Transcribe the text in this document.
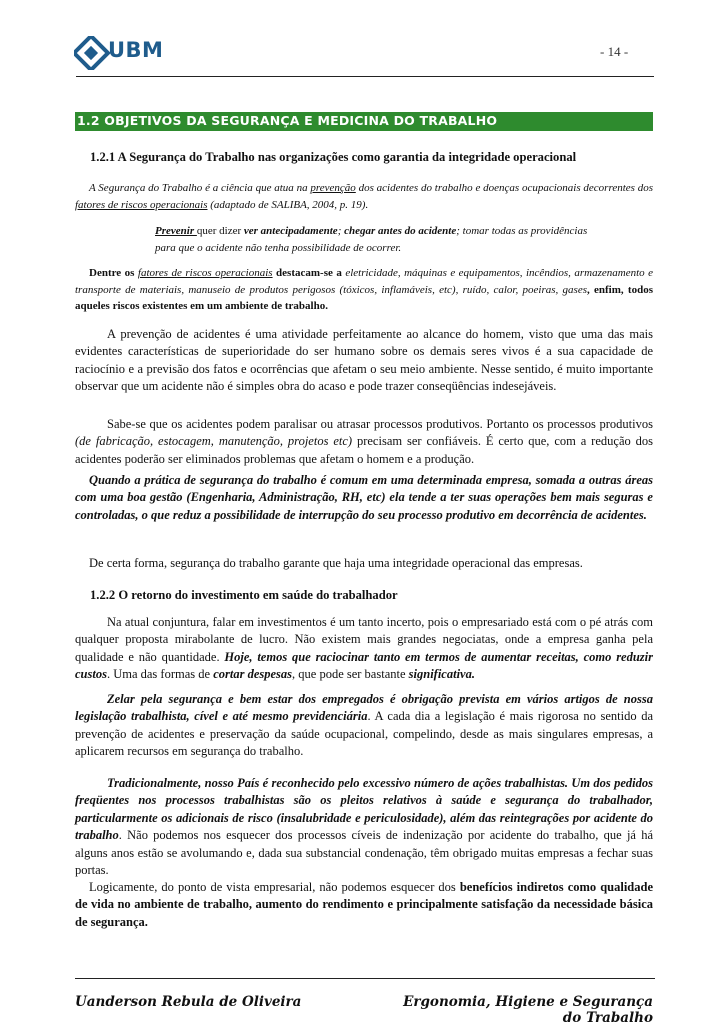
UBM	- 14 -
1.2 OBJETIVOS DA SEGURANÇA E MEDICINA DO TRABALHO
1.2.1 A Segurança do Trabalho nas organizações como garantia da integridade operacional
A Segurança do Trabalho é a ciência que atua na prevenção dos acidentes do trabalho e doenças ocupacionais decorrentes dos fatores de riscos operacionais (adaptado de SALIBA, 2004, p. 19).
Prevenir quer dizer ver antecipadamente; chegar antes do acidente; tomar todas as providências
para que o acidente não tenha possibilidade de ocorrer.
Dentre os fatores de riscos operacionais destacam-se a eletricidade, máquinas e equipamentos, incêndios, armazenamento e transporte de materiais, manuseio de produtos perigosos (tóxicos, inflamáveis, etc), ruído, calor, poeiras, gases, enfim, todos aqueles riscos existentes em um ambiente de trabalho.
A prevenção de acidentes é uma atividade perfeitamente ao alcance do homem, visto que uma das mais evidentes características de superioridade do ser humano sobre os demais seres vivos é a sua capacidade de raciocínio e a previsão dos fatos e ocorrências que afetam o seu meio ambiente. Nesse sentido, é muito importante observar que um acidente não é simples obra do acaso e pode trazer conseqüências indesejáveis.
Sabe-se que os acidentes podem paralisar ou atrasar processos produtivos. Portanto os processos produtivos (de fabricação, estocagem, manutenção, projetos etc) precisam ser confiáveis. É certo que, com a redução dos acidentes poderão ser eliminados problemas que afetam o homem e a produção.
Quando a prática de segurança do trabalho é comum em uma determinada empresa, somada a outras áreas com uma boa gestão (Engenharia, Administração, RH, etc) ela tende a ter suas operações bem mais seguras e controladas, o que reduz a possibilidade de interrupção do seu processo produtivo em decorrência de acidentes.
De certa forma, segurança do trabalho garante que haja uma integridade operacional das empresas.
1.2.2 O retorno do investimento em saúde do trabalhador
Na atual conjuntura, falar em investimentos é um tanto incerto, pois o empresariado está com o pé atrás com qualquer proposta mirabolante de lucro. Não existem mais grandes negociatas, onde a empresa ganha pela qualidade e não quantidade. Hoje, temos que raciocinar tanto em termos de aumentar receitas, como reduzir custos. Uma das formas de cortar despesas, que pode ser bastante significativa.
Zelar pela segurança e bem estar dos empregados é obrigação prevista em vários artigos de nossa legislação trabalhista, cível e até mesmo previdenciária. A cada dia a legislação é mais rigorosa no sentido da prevenção de acidentes e preservação da saúde ocupacional, compelindo, desde as mais singulares empresas, a aplicarem recursos em segurança do trabalho.
Tradicionalmente, nosso País é reconhecido pelo excessivo número de ações trabalhistas. Um dos pedidos freqüentes nos processos trabalhistas são os pleitos relativos à saúde e segurança do trabalhador, particularmente os adicionais de risco (insalubridade e periculosidade), além das reintegrações por acidente do trabalho. Não podemos nos esquecer dos processos cíveis de indenização por acidente do trabalho, que já há alguns anos estão se avolumando e, dada sua substancial condenação, têm obrigado muitas empresas a fechar suas portas.
Logicamente, do ponto de vista empresarial, não podemos esquecer dos benefícios indiretos como qualidade de vida no ambiente de trabalho, aumento do rendimento e principalmente satisfação da necessidade básica de segurança.
Uanderson Rebula de Oliveira	Ergonomia, Higiene e Segurança do Trabalho
